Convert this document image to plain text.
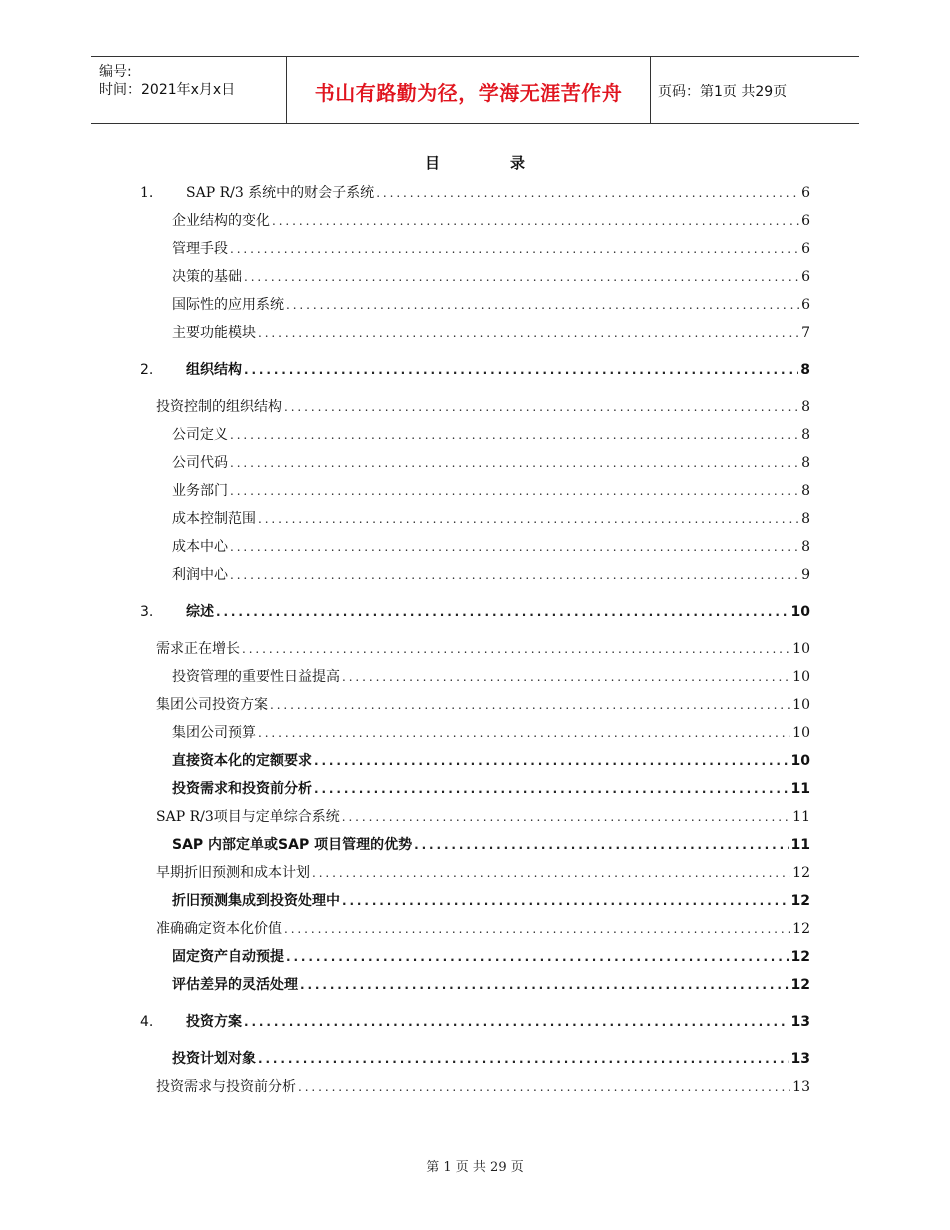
编号:
时间：2021年x月x日	书山有路勤为径，学海无涯苦作舟	页码：第1页 共29页
目	录
1. SAP R/3 系统中的财会子系统 .....	6
企业结构的变化 .....	6
管理手段 .....	6
决策的基础 .....	6
国际性的应用系统 .....	6
主要功能模块 .....	7
2. 组织结构 .....	8
投资控制的组织结构 .....	8
公司定义 .....	8
公司代码 .....	8
业务部门 .....	8
成本控制范围 .....	8
成本中心 .....	8
利润中心 .....	9
3. 综述 .....	10
需求正在增长 .....	10
投资管理的重要性日益提高 .....	10
集团公司投资方案 .....	10
集团公司预算 .....	10
直接资本化的定额要求 .....	10
投资需求和投资前分析 .....	11
SAP R/3项目与定单综合系统 .....	11
SAP 内部定单或SAP 项目管理的优势 .....	11
早期折旧预测和成本计划 .....	12
折旧预测集成到投资处理中 .....	12
准确确定资本化价值 .....	12
固定资产自动预提 .....	12
评估差异的灵活处理 .....	12
4. 投资方案 .....	13
投资计划对象 .....	13
投资需求与投资前分析 .....	13
第 1 页 共 29 页
